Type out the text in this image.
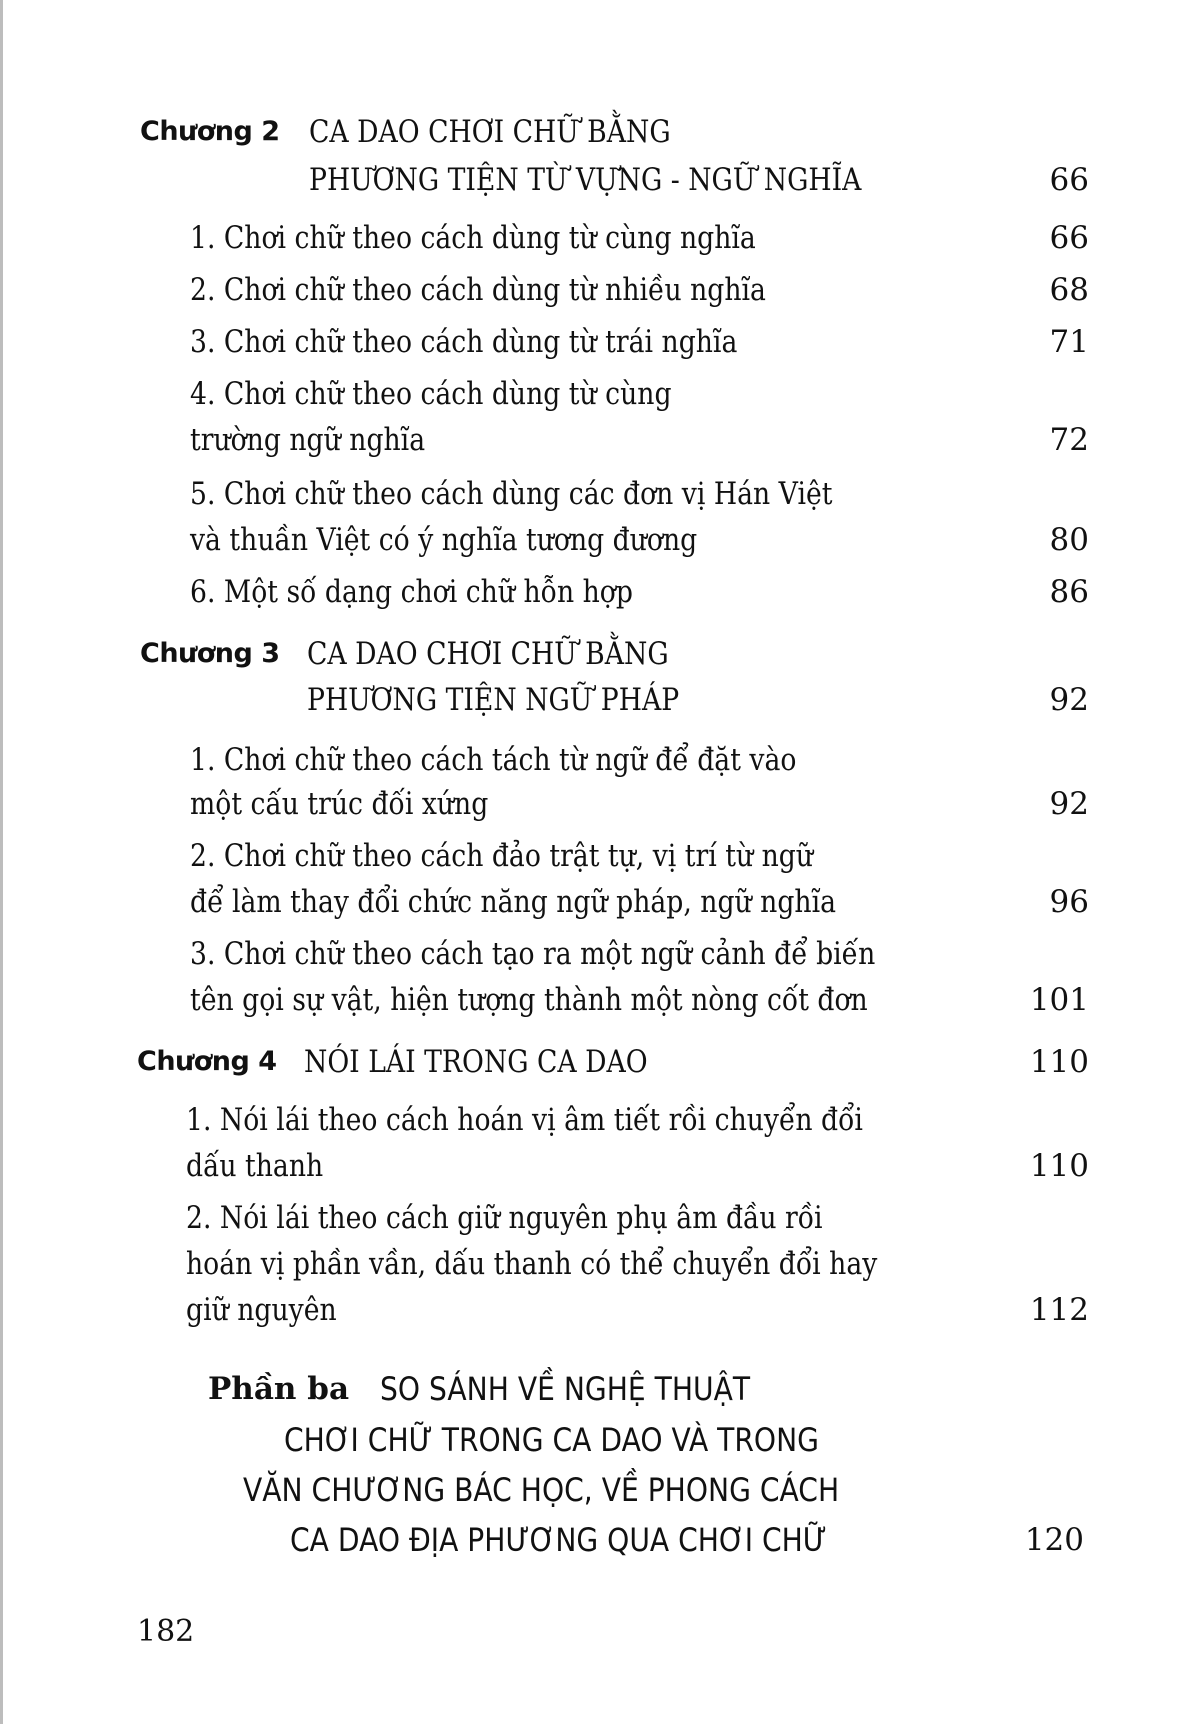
Chương 2 CA DAO CHƠI CHỮ BẰNG
PHƯƠNG TIỆN TỪ VỰNG - NGỮ NGHĨA	66
1. Chơi chữ theo cách dùng từ cùng nghĩa	66
2. Chơi chữ theo cách dùng từ nhiều nghĩa	68
3. Chơi chữ theo cách dùng từ trái nghĩa	71
4. Chơi chữ theo cách dùng từ cùng
trường ngữ nghĩa	72
5. Chơi chữ theo cách dùng các đơn vị Hán Việt
và thuần Việt có ý nghĩa tương đương	80
6. Một số dạng chơi chữ hỗn hợp	86
Chương 3 CA DAO CHƠI CHỮ BẰNG
PHƯƠNG TIỆN NGỮ PHÁP	92
1. Chơi chữ theo cách tách từ ngữ để đặt vào
một cấu trúc đối xứng	92
2. Chơi chữ theo cách đảo trật tự, vị trí từ ngữ
để làm thay đổi chức năng ngữ pháp, ngữ nghĩa	96
3. Chơi chữ theo cách tạo ra một ngữ cảnh để biến
tên gọi sự vật, hiện tượng thành một nòng cốt đơn	101
Chương 4 NÓI LÁI TRONG CA DAO	110
1. Nói lái theo cách hoán vị âm tiết rồi chuyển đổi
dấu thanh	110
2. Nói lái theo cách giữ nguyên phụ âm đầu rồi
hoán vị phần vần, dấu thanh có thể chuyển đổi hay
giữ nguyên	112
Phần ba SO SÁNH VỀ NGHỆ THUẬT
CHƠI CHỮ TRONG CA DAO VÀ TRONG
VĂN CHƯƠNG BÁC HỌC, VỀ PHONG CÁCH
CA DAO ĐỊA PHƯƠNG QUA CHƠI CHỮ	120
182
